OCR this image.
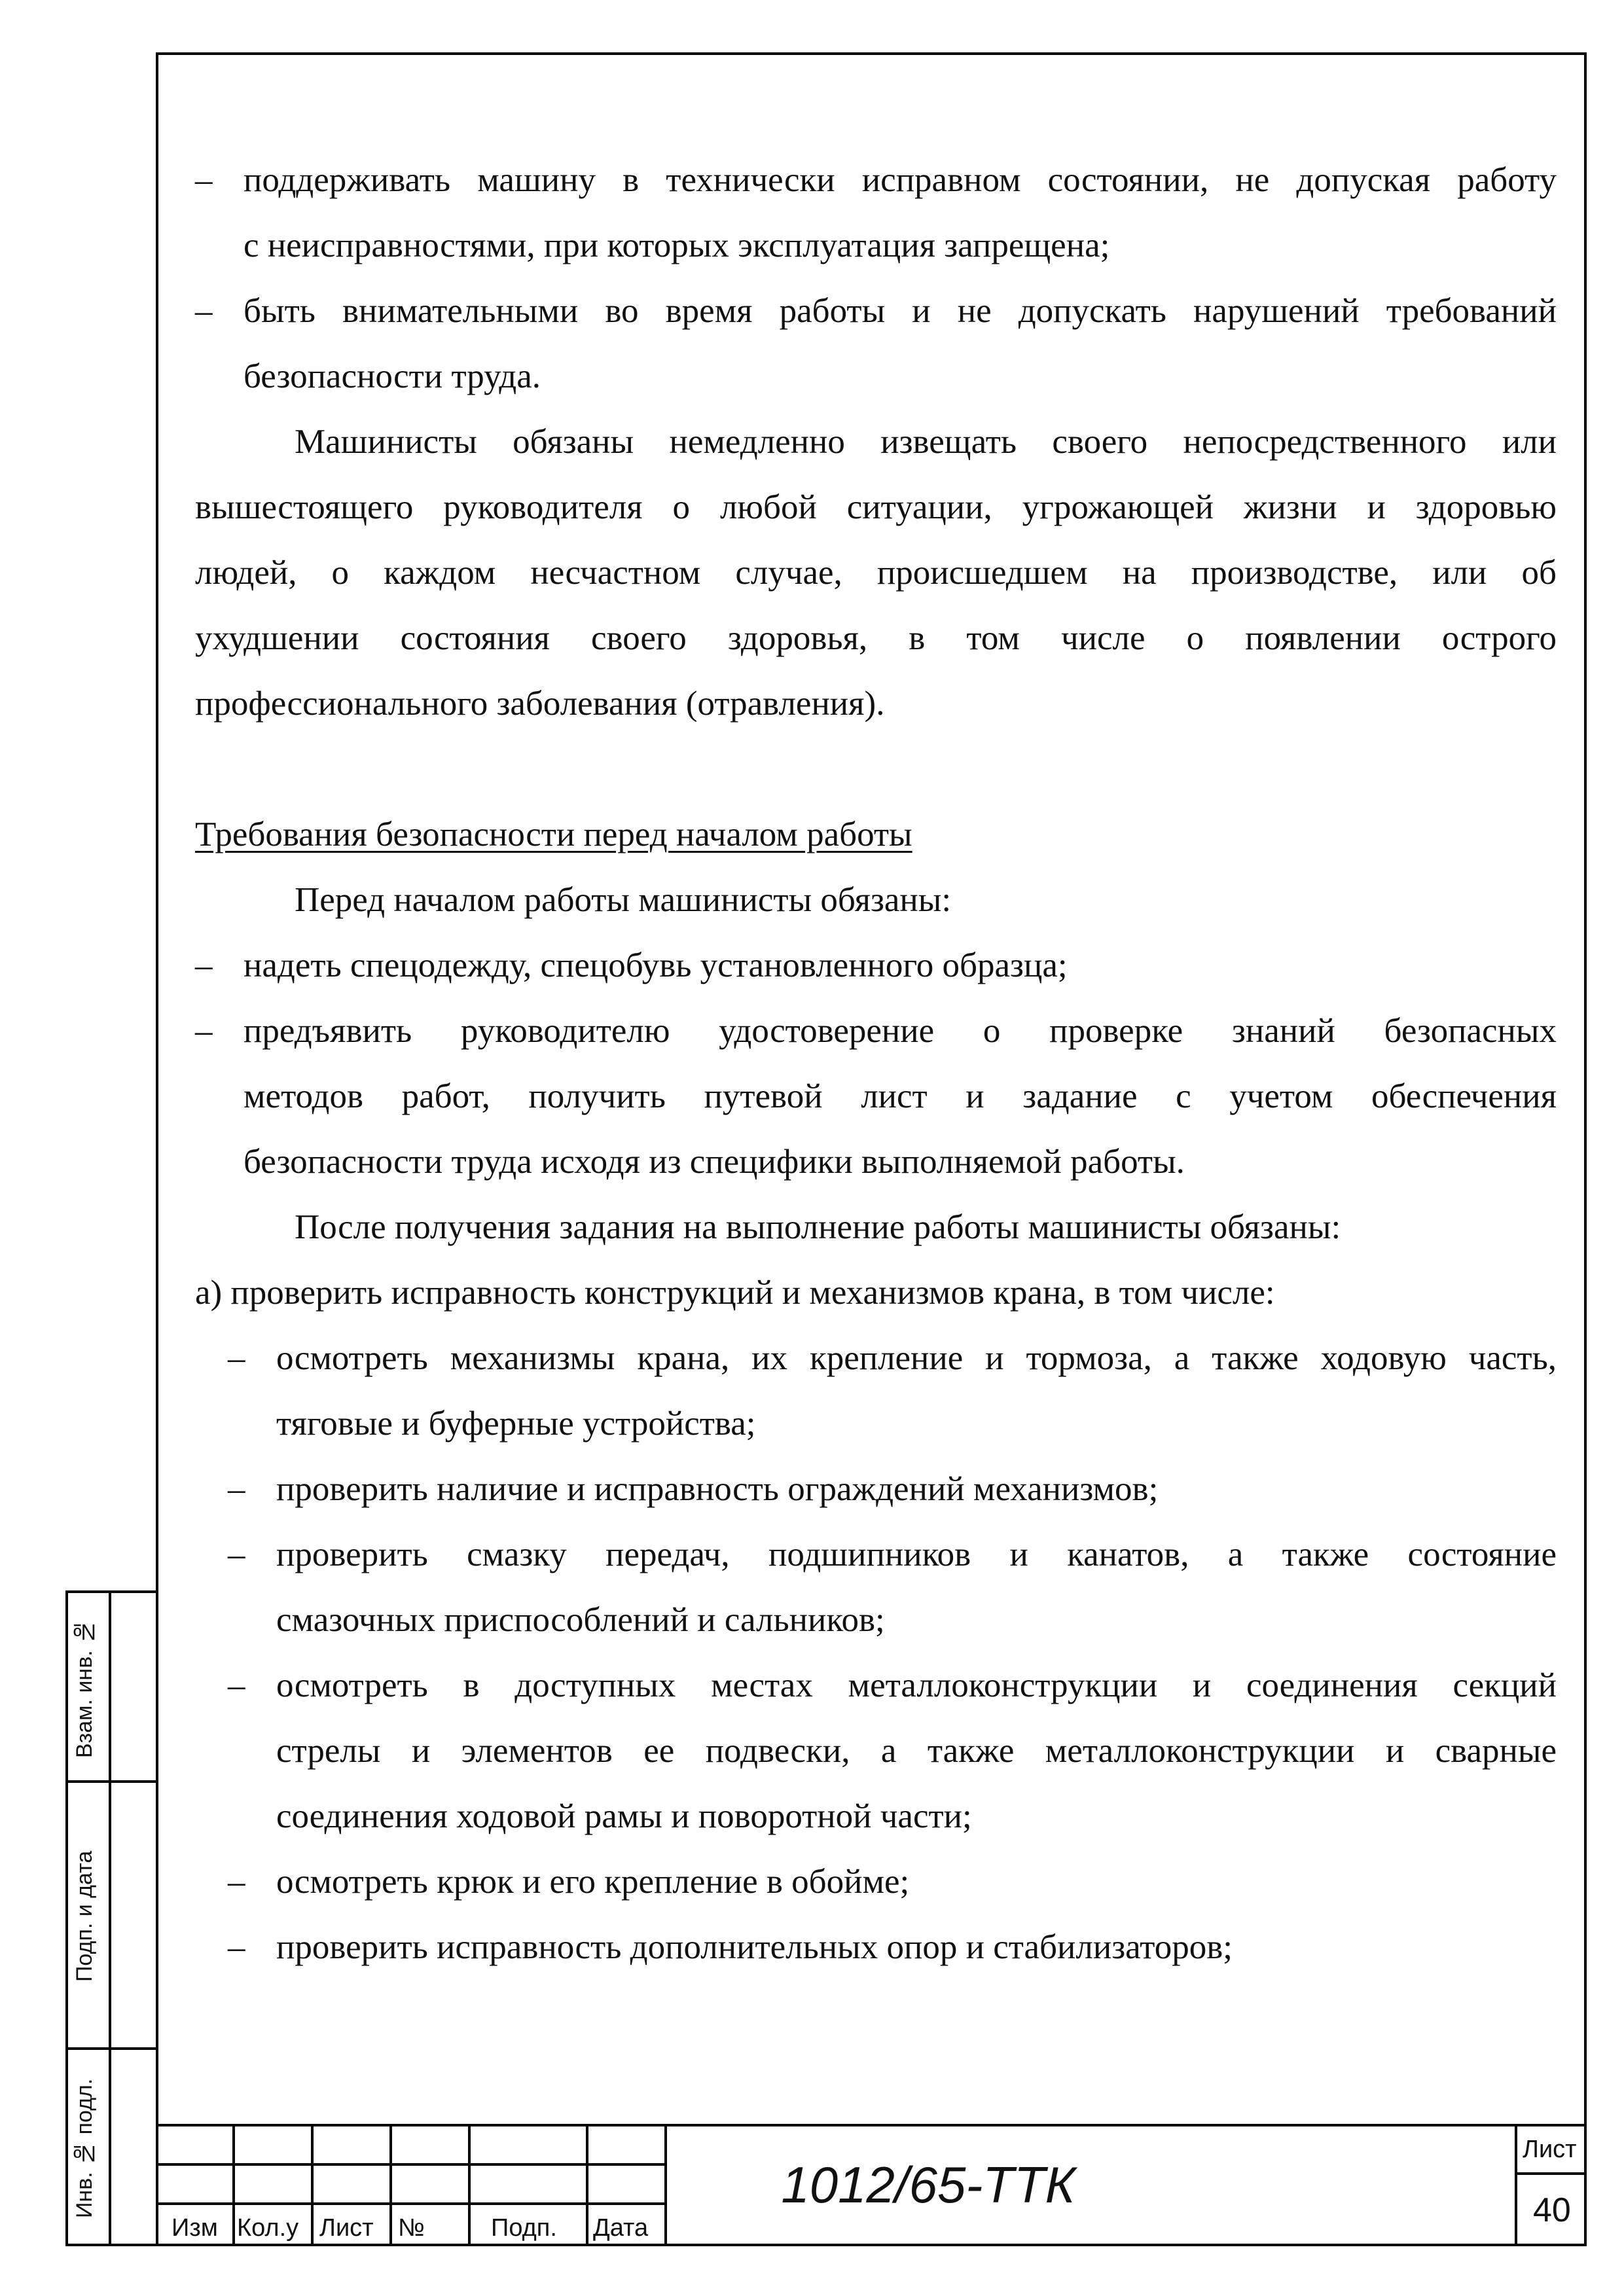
– поддерживать машину в технически исправном состоянии, не допуская работу
с неисправностями, при которых эксплуатация запрещена;
– быть внимательными во время работы и не допускать нарушений требований
безопасности труда.
Машинисты обязаны немедленно извещать своего непосредственного или
вышестоящего руководителя о любой ситуации, угрожающей жизни и здоровью
людей, о каждом несчастном случае, происшедшем на производстве, или об
ухудшении состояния своего здоровья, в том числе о появлении острого
профессионального заболевания (отравления).
Требования безопасности перед началом работы
Перед началом работы машинисты обязаны:
– надеть спецодежду, спецобувь установленного образца;
– предъявить руководителю удостоверение о проверке знаний безопасных
методов работ, получить путевой лист и задание с учетом обеспечения
безопасности труда исходя из специфики выполняемой работы.
После получения задания на выполнение работы машинисты обязаны:
а) проверить исправность конструкций и механизмов крана, в том числе:
– осмотреть механизмы крана, их крепление и тормоза, а также ходовую часть,
тяговые и буферные устройства;
– проверить наличие и исправность ограждений механизмов;
– проверить смазку передач, подшипников и канатов, а также состояние
смазочных приспособлений и сальников;
– осмотреть в доступных местах металлоконструкции и соединения секций
стрелы и элементов ее подвески, а также металлоконструкции и сварные
соединения ходовой рамы и поворотной части;
– осмотреть крюк и его крепление в обойме;
– проверить исправность дополнительных опор и стабилизаторов;
Взам. инв. №
Подп. и дата
Инв. № подл.
Изм Кол.у Лист №	Подп. Дата
1012/65-ТТК
Лист
40
